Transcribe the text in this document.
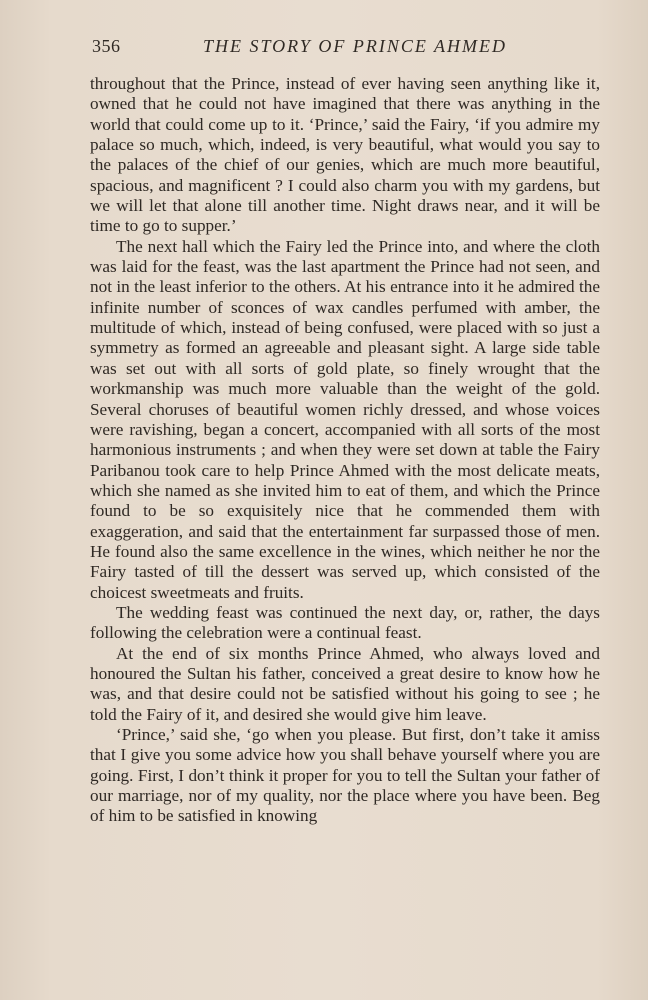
356	THE STORY OF PRINCE AHMED

throughout that the Prince, instead of ever having seen anything like it, owned that he could not have imagined that there was anything in the world that could come up to it. ‘Prince,’ said the Fairy, ‘if you admire my palace so much, which, indeed, is very beautiful, what would you say to the palaces of the chief of our genies, which are much more beautiful, spacious, and magnificent ? I could also charm you with my gardens, but we will let that alone till another time. Night draws near, and it will be time to go to supper.’

The next hall which the Fairy led the Prince into, and where the cloth was laid for the feast, was the last apartment the Prince had not seen, and not in the least inferior to the others. At his entrance into it he admired the infinite number of sconces of wax candles perfumed with amber, the multitude of which, instead of being confused, were placed with so just a symmetry as formed an agreeable and pleasant sight. A large side table was set out with all sorts of gold plate, so finely wrought that the workmanship was much more valuable than the weight of the gold. Several choruses of beautiful women richly dressed, and whose voices were ravishing, began a concert, accompanied with all sorts of the most harmonious instruments ; and when they were set down at table the Fairy Paribanou took care to help Prince Ahmed with the most delicate meats, which she named as she invited him to eat of them, and which the Prince found to be so exquisitely nice that he commended them with exaggeration, and said that the entertainment far surpassed those of men. He found also the same excellence in the wines, which neither he nor the Fairy tasted of till the dessert was served up, which consisted of the choicest sweetmeats and fruits.

The wedding feast was continued the next day, or, rather, the days following the celebration were a continual feast.

At the end of six months Prince Ahmed, who always loved and honoured the Sultan his father, conceived a great desire to know how he was, and that desire could not be satisfied without his going to see ; he told the Fairy of it, and desired she would give him leave.

‘Prince,’ said she, ‘go when you please. But first, don’t take it amiss that I give you some advice how you shall behave yourself where you are going. First, I don’t think it proper for you to tell the Sultan your father of our marriage, nor of my quality, nor the place where you have been. Beg of him to be satisfied in knowing
